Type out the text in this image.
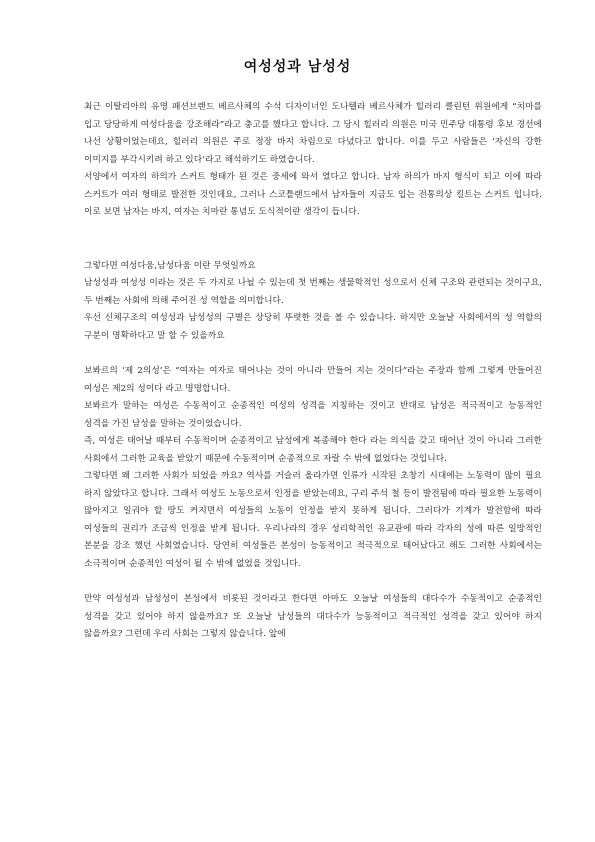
여성성과 남성성

최근 이탈리아의 유명 패션브랜드 베르사체의 수석 디자이너인 도나텔라 베르사체가 힐러리 클린턴 위원에게 “치마를 입고 당당하게 여성다움을 강조해라”라고 충고를 했다고 합니다. 그 당시 힐러리 의원은 미국 민주당 대통령 후보 경선에 나선 상황이었는데요, 힐러리 의원은 주로 정장 바지 차림으로 다녔다고 합니다. 이를 두고 사람들은 ‘자신의 강한 이미지를 부각시키려 하고 있다’라고 해석하기도 하였습니다.

서양에서 여자의 하의가 스커트 형태가 된 것은 중세에 와서 였다고 합니다. 남자 하의가 바지 형식이 되고 이에 따라 스커트가 여러 형태로 발전한 것인데요, 그러나 스코틀랜드에서 남자들이 지금도 입는 전통의상 킬트는 스커트 입니다. 이로 보면 남자는 바지, 여자는 치마란 통념도 도식적이란 생각이 듭니다.

그렇다면 여성다움,남성다움 이란 무엇일까요

남성성과 여성성 이라는 것은 두 가지로 나뉠 수 있는데 첫 번째는 생물학적인 성으로서 신체 구조와 관련되는 것이구요, 두 번째는 사회에 의해 주어진 성 역할을 의미합니다.

우선 신체구조의 여성성과 남성성의 구별은 상당히 뚜렷한 것을 볼 수 있습니다. 하지만 오늘날 사회에서의 성 역할의 구분이 명확하다고 말 할 수 있을까요

보봐르의 ‘제 2의성’은 “여자는 여자로 태어나는 것이 아니라 만들어 지는 것이다”라는 주장과 함께 그렇게 만들어진 여성은 제2의 성이다 라고 명명합니다.

보봐르가 말하는 여성은 수동적이고 순종적인 여성의 성격을 지칭하는 것이고 반대로 남성은 적극적이고 능동적인 성격을 가진 남성을 말하는 것이었습니다.

즉, 여성은 태어날 때부터 수동적이며 순종적이고 남성에게 복종해야 한다 라는 의식을 갖고 태어난 것이 아니라 그러한 사회에서 그러한 교육을 받았기 때문에 수동적이며 순종적으로 자랄 수 밖에 없었다는 것입니다.

그렇다면 왜 그러한 사회가 되었을 까요? 역사를 거슬러 올라가면 인류가 시작된 초창기 시대에는 노동력이 많이 필요 하지 않았다고 합니다. 그래서 여성도 노동으로서 인정을 받았는데요, 구리 주석 철 등이 발전됨에 따라 필요한 노동력이 많아지고 일궈야 할 땅도 커지면서 여성들의 노동이 인정을 받지 못하게 됩니다. 그러다가 기계가 발전함에 따라 여성들의 권리가 조금씩 인정을 받게 됩니다. 우리나라의 경우 성리학적인 유교관에 따라 각자의 성에 따른 일방적인 본분을 강조 했던 사회였습니다. 당연히 여성들은 본성이 능동적이고 적극적으로 태어났다고 해도 그러한 사회에서는 소극적이며 순종적인 여성이 될 수 밖에 없었을 것입니다.

만약 여성성과 남성성이 본성에서 비롯된 것이라고 한다면 아마도 오늘날 여성들의 대다수가 수동적이고 순종적인 성격을 갖고 있어야 하지 않을까요? 또 오늘날 남성들의 대다수가 능동적이고 적극적인 성격을 갖고 있어야 하지 않을까요? 그런데 우리 사회는 그렇지 않습니다. 앞에
